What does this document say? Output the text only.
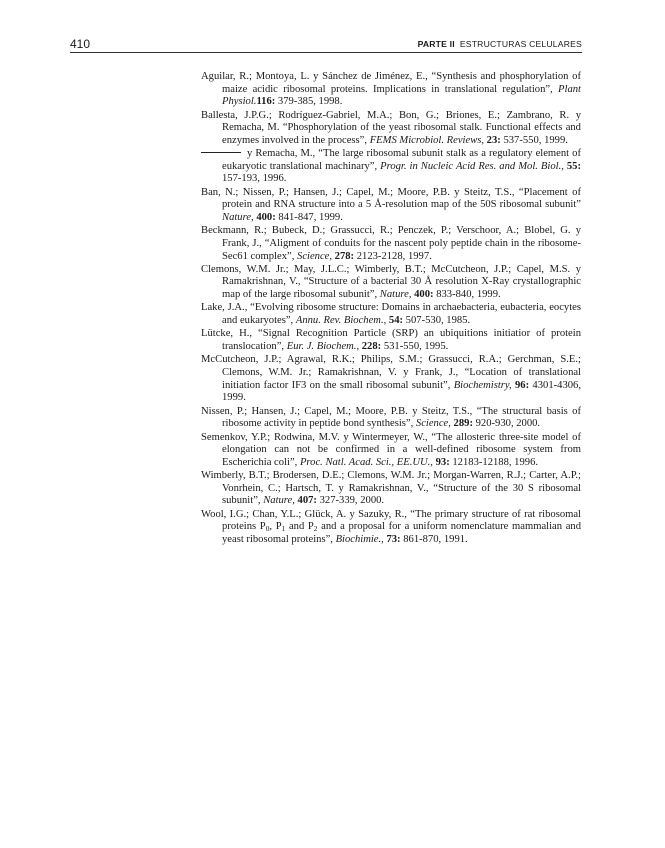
410	PARTE II ESTRUCTURAS CELULARES

Aguilar, R.; Montoya, L. y Sánchez de Jiménez, E., “Synthesis and phosphorylation of maize acidic ribosomal proteins. Implications in translational regulation”, Plant Physiol.116: 379-385, 1998.

Ballesta, J.P.G.; Rodríguez-Gabriel, M.A.; Bon, G.; Briones, E.; Zambrano, R. y Remacha, M. “Phosphorylation of the yeast ribosomal stalk. Functional effects and enzymes involved in the process”, FEMS Microbiol. Reviews, 23: 537-550, 1999.

y Remacha, M., “The large ribosomal subunit stalk as a regulatory element of eukaryotic translational machinary”, Progr. in Nucleic Acid Res. and Mol. Biol., 55: 157-193, 1996.

Ban, N.; Nissen, P.; Hansen, J.; Capel, M.; Moore, P.B. y Steitz, T.S., “Placement of protein and RNA structure into a 5 Å-resolution map of the 50S ribosomal subunit” Nature, 400: 841-847, 1999.

Beckmann, R.; Bubeck, D.; Grassucci, R.; Penczek, P.; Verschoor, A.; Blobel, G. y Frank, J., “Aligment of conduits for the nascent poly peptide chain in the ribosome-Sec61 complex”, Science, 278: 2123-2128, 1997.

Clemons, W.M. Jr.; May, J.L.C.; Wimberly, B.T.; McCutcheon, J.P.; Capel, M.S. y Ramakrishnan, V., “Structure of a bacterial 30 Å resolution X-Ray crystallographic map of the large ribosomal subunit”, Nature, 400: 833-840, 1999.

Lake, J.A., “Evolving ribosome structure: Domains in archaebacteria, eubacteria, eocytes and eukaryotes”, Annu. Rev. Biochem., 54: 507-530, 1985.

Lütcke, H., “Signal Recognition Particle (SRP) an ubiquitions initiatior of protein translocation”, Eur. J. Biochem., 228: 531-550, 1995.

McCutcheon, J.P.; Agrawal, R.K.; Philips, S.M.; Grassucci, R.A.; Gerchman, S.E.; Clemons, W.M. Jr.; Ramakrishnan, V. y Frank, J., “Location of translational initiation factor IF3 on the small ribosomal subunit”, Biochemistry, 96: 4301-4306, 1999.

Nissen, P.; Hansen, J.; Capel, M.; Moore, P.B. y Steitz, T.S., “The structural basis of ribosome activity in peptide bond synthesis”, Science, 289: 920-930, 2000.

Semenkov, Y.P.; Rodwina, M.V. y Wintermeyer, W., “The allosteric three-site model of elongation can not be confirmed in a well-defined ribosome system from Escherichia coli”, Proc. Natl. Acad. Sci., EE.UU., 93: 12183-12188, 1996.

Wimberly, B.T.; Brodersen, D.E.; Clemons, W.M. Jr.; Morgan-Warren, R.J.; Carter, A.P.; Vonrhein, C.; Hartsch, T. y Ramakrishnan, V., “Structure of the 30 S ribosomal subunit”, Nature, 407: 327-339, 2000.

Wool, I.G.; Chan, Y.L.; Glück, A. y Sazuky, R., “The primary structure of rat ribosomal proteins $P_0$, $P_1$ and $P_2$ and a proposal for a uniform nomenclature mammalian and yeast ribosomal proteins”, Biochimie., 73: 861-870, 1991.
